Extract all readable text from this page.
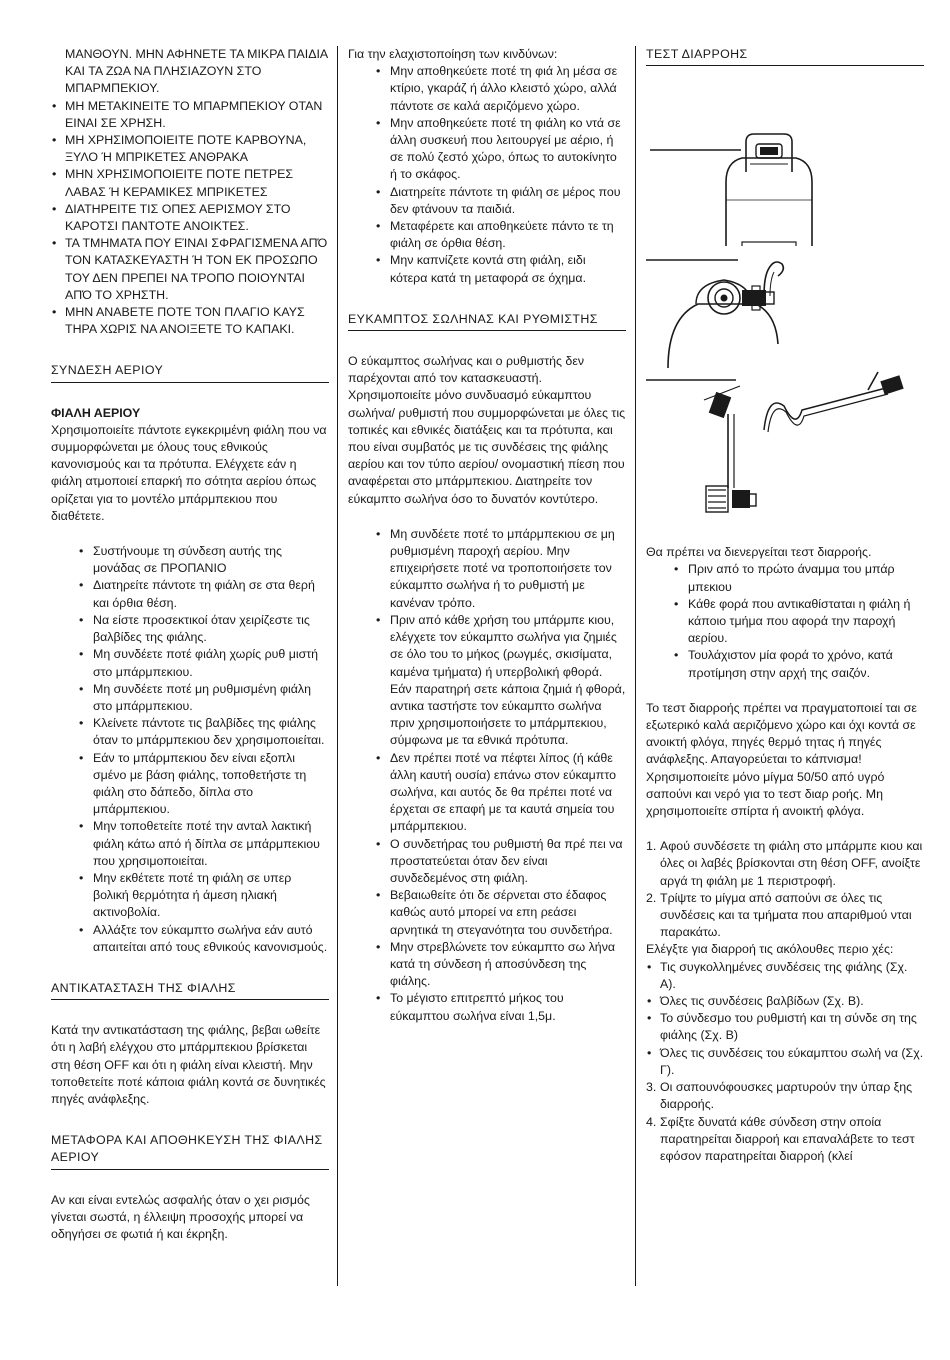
ΜΑΝΘΟΥΝ. ΜΗΝ ΑΦΗΝΕΤΕ ΤΑ ΜΙΚΡΑ ΠΑΙΔΙΑ ΚΑΙ ΤΑ ΖΩΑ ΝΑ ΠΛΗΣΙΑΖΟΥΝ ΣΤΟ ΜΠΑΡΜΠΕΚΙΟΥ.
• ΜΗ ΜΕΤΑΚΙΝΕΙΤΕ ΤΟ ΜΠΑΡΜΠΕΚΙΟΥ ΟΤΑΝ ΕΙΝΑΙ ΣΕ ΧΡΗΣΗ.
• ΜΗ ΧΡΗΣΙΜΟΠΟΙΕΙΤΕ ΠΟΤΕ ΚΑΡΒΟΥΝΑ, ΞΥΛΟ Ή ΜΠΡΙΚΕΤΕΣ ΑΝΘΡΑΚΑ
• ΜΗΝ ΧΡΗΣΙΜΟΠΟΙΕΙΤΕ ΠΟΤΕ ΠΕΤΡΕΣ ΛΑΒΑΣ Ή ΚΕΡΑΜΙΚΕΣ ΜΠΡΙΚΕΤΕΣ
• ΔΙΑΤΗΡΕΙΤΕ ΤΙΣ ΟΠΕΣ ΑΕΡΙΣΜΟΥ ΣΤΟ ΚΑΡΟΤΣΙ ΠΑΝΤΟΤΕ ΑΝΟΙΚΤΕΣ.
• ΤΑ ΤΜΗΜΑΤΑ ΠΟΥ ΕΊΝΑΙ ΣΦΡΑΓΙΣΜΕΝΑ ΑΠΌ ΤΟΝ ΚΑΤΑΣΚΕΥΑΣΤΗ Ή ΤΟΝ ΕΚ ΠΡΟΣΩΠΟ ΤΟΥ ΔΕΝ ΠΡΕΠΕΙ ΝΑ ΤΡΟΠΟ ΠΟΙΟΥΝΤΑΙ ΑΠΌ ΤΟ ΧΡΗΣΤΗ.
• ΜΗΝ ΑΝΑΒΕΤΕ ΠΟΤΕ ΤΟΝ ΠΛΑΓΙΟ ΚΑΥΣ ΤΗΡΑ ΧΩΡΙΣ ΝΑ ΑΝΟΙΞΕΤΕ ΤΟ ΚΑΠΑΚΙ.
ΣΥΝΔΕΣΗ ΑΕΡΙΟΥ

ΦΙΑΛΗ ΑΕΡΙΟΥ

Χρησιμοποιείτε πάντοτε εγκεκριμένη φιάλη που να συμμορφώνεται με όλους τους εθνικούς κανονισμούς και τα πρότυπα. Ελέγχετε εάν η φιάλη ατμοποιεί επαρκή πο σότητα αερίου όπως ορίζεται για το μοντέλο μπάρμπεκιου που διαθέτετε.

• Συστήνουμε τη σύνδεση αυτής της μονάδας σε ΠΡΟΠΑΝΙΟ
• Διατηρείτε πάντοτε τη φιάλη σε στα θερή και όρθια θέση.
• Να είστε προσεκτικοί όταν χειρίζεστε τις βαλβίδες της φιάλης.
• Μη συνδέετε ποτέ φιάλη χωρίς ρυθ μιστή στο μπάρμπεκιου.
• Μη συνδέετε ποτέ μη ρυθμισμένη φιάλη στο μπάρμπεκιου.
• Κλείνετε πάντοτε τις βαλβίδες της φιάλης όταν το μπάρμπεκιου δεν χρησιμοποιείται.
• Εάν το μπάρμπεκιου δεν είναι εξοπλι σμένο με βάση φιάλης, τοποθετήστε τη φιάλη στο δάπεδο, δίπλα στο μπάρμπεκιου.
• Μην τοποθετείτε ποτέ την ανταλ λακτική φιάλη κάτω από ή δίπλα σε μπάρμπεκιου που χρησιμοποιείται.
• Μην εκθέτετε ποτέ τη φιάλη σε υπερ βολική θερμότητα ή άμεση ηλιακή ακτινοβολία.
• Αλλάξτε τον εύκαμπτο σωλήνα εάν αυτό απαιτείται από τους εθνικούς κανονισμούς.
ΑΝΤΙΚΑΤΑΣΤΑΣΗ ΤΗΣ ΦΙΑΛΗΣ

Κατά την αντικατάσταση της φιάλης, βεβαι ωθείτε ότι η λαβή ελέγχου στο μπάρμπεκιου βρίσκεται στη θέση OFF και ότι η φιάλη είναι κλειστή. Μην τοποθετείτε ποτέ κάποια φιάλη κοντά σε δυνητικές πηγές ανάφλεξης.

ΜΕΤΑΦΟΡΑ ΚΑΙ ΑΠΟΘΗΚΕΥΣΗ ΤΗΣ ΦΙΑΛΗΣ ΑΕΡΙΟΥ

Αν και είναι εντελώς ασφαλής όταν ο χει ρισμός γίνεται σωστά, η έλλειψη προσοχής μπορεί να οδηγήσει σε φωτιά ή και έκρηξη.

Για την ελαχιστοποίηση των κινδύνων:

• Μην αποθηκεύετε ποτέ τη φιά λη μέσα σε κτίριο, γκαράζ ή άλλο κλειστό χώρο, αλλά πάντοτε σε καλά αεριζόμενο χώρο.
• Μην αποθηκεύετε ποτέ τη φιάλη κο ντά σε άλλη συσκευή που λειτουργεί με αέριο, ή σε πολύ ζεστό χώρο, όπως το αυτοκίνητο ή το σκάφος.
• Διατηρείτε πάντοτε τη φιάλη σε μέρος που δεν φτάνουν τα παιδιά.
• Μεταφέρετε και αποθηκεύετε πάντο τε τη φιάλη σε όρθια θέση.
• Μην καπνίζετε κοντά στη φιάλη, ειδι κότερα κατά τη μεταφορά σε όχημα.
ΕΥΚΑΜΠΤΟΣ ΣΩΛΗΝΑΣ ΚΑΙ ΡΥΘΜΙΣΤΗΣ

Ο εύκαμπτος σωλήνας και ο ρυθμιστής δεν παρέχονται από τον κατασκευαστή. Χρησιμοποιείτε μόνο συνδυασμό εύκαμπτου σωλήνα/ ρυθμιστή που συμμορφώνεται με όλες τις τοπικές και εθνικές διατάξεις και τα πρότυπα, και που είναι συμβατός με τις συνδέσεις της φιάλης αερίου και τον τύπο αερίου/ ονομαστική πίεση που αναφέρεται στο μπάρμπεκιου. Διατηρείτε τον εύκαμπτο σωλήνα όσο το δυνατόν κοντύτερο.

• Μη συνδέετε ποτέ το μπάρμπεκιου σε μη ρυθμισμένη παροχή αερίου. Μην επιχειρήσετε ποτέ να τροποποιήσετε τον εύκαμπτο σωλήνα ή το ρυθμιστή με κανέναν τρόπο.
• Πριν από κάθε χρήση του μπάρμπε κιου, ελέγχετε τον εύκαμπτο σωλήνα για ζημιές σε όλο του το μήκος (ρωγμές, σκισίματα, καμένα τμήματα) ή υπερβολική φθορά. Εάν παρατηρή σετε κάποια ζημιά ή φθορά, αντικα ταστήστε τον εύκαμπτο σωλήνα πριν χρησιμοποιήσετε το μπάρμπεκιου, σύμφωνα με τα εθνικά πρότυπα.
• Δεν πρέπει ποτέ να πέφτει λίπος (ή κάθε άλλη καυτή ουσία) επάνω στον εύκαμπτο σωλήνα, και αυτός δε θα πρέπει ποτέ να έρχεται σε επαφή με τα καυτά σημεία του μπάρμπεκιου.
• Ο συνδετήρας του ρυθμιστή θα πρέ πει να προστατεύεται όταν δεν είναι συνδεδεμένος στη φιάλη.
• Βεβαιωθείτε ότι δε σέρνεται στο έδαφος καθώς αυτό μπορεί να επη ρεάσει αρνητικά τη στεγανότητα του συνδετήρα.
• Μην στρεβλώνετε τον εύκαμπτο σω λήνα κατά τη σύνδεση ή αποσύνδεση της φιάλης.
• Το μέγιστο επιτρεπτό μήκος του εύκαμπτου σωλήνα είναι 1,5μ.
ΤΕΣΤ ΔΙΑΡΡΟΗΣ

Θα πρέπει να διενεργείται τεστ διαρροής.

• Πριν από το πρώτο άναμμα του μπάρ μπεκιου
• Κάθε φορά που αντικαθίσταται η φιάλη ή κάποιο τμήμα που αφορά την παροχή αερίου.
• Τουλάχιστον μία φορά το χρόνο, κατά προτίμηση στην αρχή της σαιζόν.

Το τεστ διαρροής πρέπει να πραγματοποιεί ται σε εξωτερικό καλά αεριζόμενο χώρο και όχι κοντά σε ανοικτή φλόγα, πηγές θερμό τητας ή πηγές ανάφλεξης. Απαγορεύεται το κάπνισμα! Χρησιμοποιείτε μόνο μίγμα 50/50 από υγρό σαπούνι και νερό για το τεστ διαρ ροής. Μη χρησιμοποιείτε σπίρτα ή ανοικτή φλόγα.

1. Αφού συνδέσετε τη φιάλη στο μπάρμπε κιου και όλες οι λαβές βρίσκονται στη θέση OFF, ανοίξτε αργά τη φιάλη με 1 περιστροφή.
2. Τρίψτε το μίγμα από σαπούνι σε όλες τις συνδέσεις και τα τμήματα που απαριθμού νται παρακάτω.

Ελέγξτε για διαρροή τις ακόλουθες περιο χές:

• Τις συγκολλημένες συνδέσεις της φιάλης (Σχ. Α).
• Όλες τις συνδέσεις βαλβίδων (Σχ. Β).
• Το σύνδεσμο του ρυθμιστή και τη σύνδε ση της φιάλης (Σχ. Β)
• Όλες τις συνδέσεις του εύκαμπτου σωλή να (Σχ. Γ).
3. Οι σαπουνόφουσκες μαρτυρούν την ύπαρ ξης διαρροής.
4. Σφίξτε δυνατά κάθε σύνδεση στην οποία παρατηρείται διαρροή και επαναλάβετε το τεστ εφόσον παρατηρείται διαρροή (κλεί
